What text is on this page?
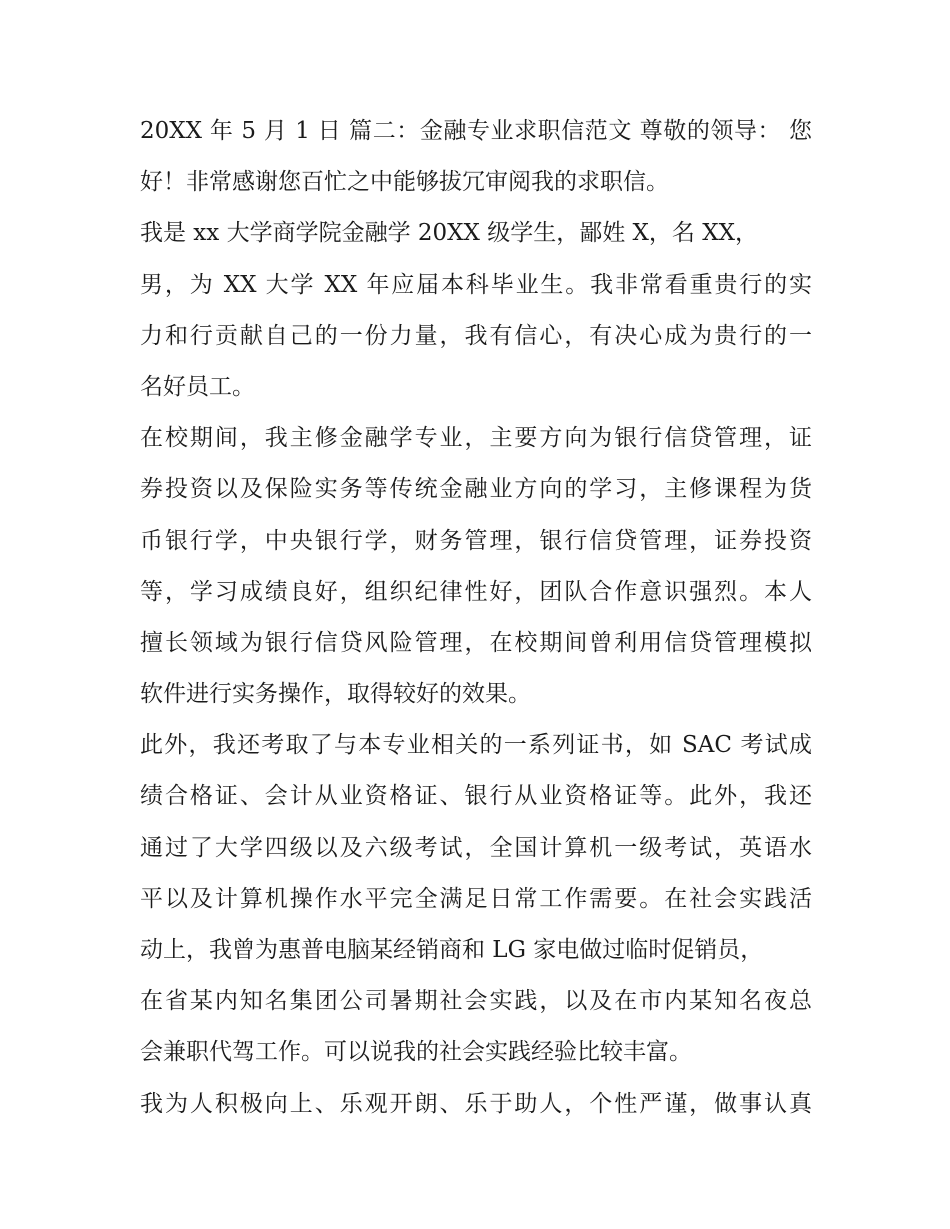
20XX 年 5 月 1 日 篇二：金融专业求职信范文 尊敬的领导： 您
好！非常感谢您百忙之中能够拔冗审阅我的求职信。
我是 xx 大学商学院金融学 20XX 级学生，鄙姓 X，名 XX，
男，为 XX 大学 XX 年应届本科毕业生。我非常看重贵行的实
力和行贡献自己的一份力量，我有信心，有决心成为贵行的一
名好员工。
在校期间，我主修金融学专业，主要方向为银行信贷管理，证
券投资以及保险实务等传统金融业方向的学习，主修课程为货
币银行学，中央银行学，财务管理，银行信贷管理，证券投资
等，学习成绩良好，组织纪律性好，团队合作意识强烈。本人
擅长领域为银行信贷风险管理，在校期间曾利用信贷管理模拟
软件进行实务操作，取得较好的效果。
此外，我还考取了与本专业相关的一系列证书，如 SAC 考试成
绩合格证、会计从业资格证、银行从业资格证等。此外，我还
通过了大学四级以及六级考试，全国计算机一级考试，英语水
平以及计算机操作水平完全满足日常工作需要。在社会实践活
动上，我曾为惠普电脑某经销商和 LG 家电做过临时促销员，
在省某内知名集团公司暑期社会实践，以及在市内某知名夜总
会兼职代驾工作。可以说我的社会实践经验比较丰富。
我为人积极向上、乐观开朗、乐于助人，个性严谨，做事认真
